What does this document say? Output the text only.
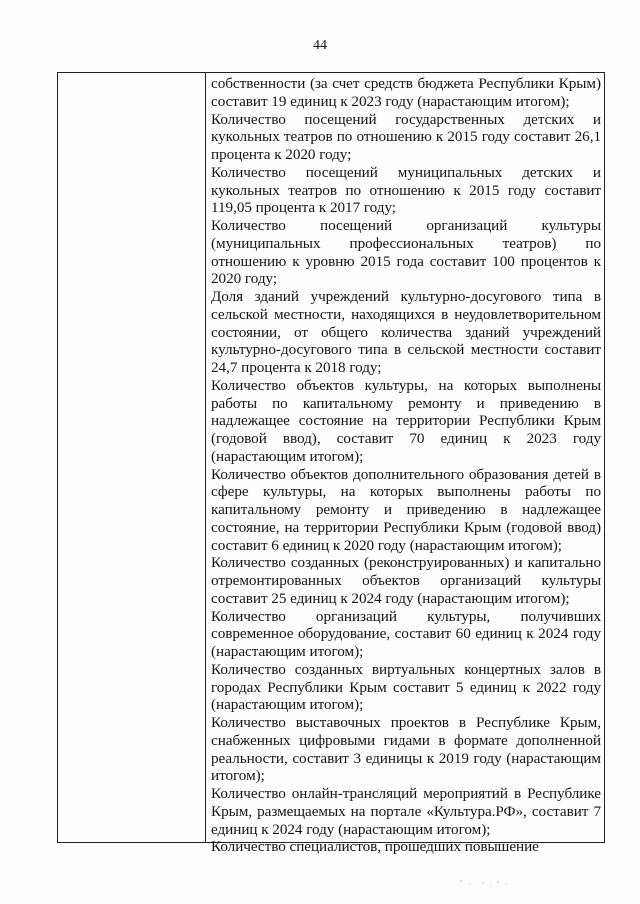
44

собственности (за счет средств бюджета Республики Крым) составит 19 единиц к 2023 году (нарастающим итогом);

Количество посещений государственных детских и кукольных театров по отношению к 2015 году составит 26,1 процента к 2020 году;

Количество посещений муниципальных детских и кукольных театров по отношению к 2015 году составит 119,05 процента к 2017 году;

Количество посещений организаций культуры (муниципальных профессиональных театров) по отношению к уровню 2015 года составит 100 процентов к 2020 году;

Доля зданий учреждений культурно-досугового типа в сельской местности, находящихся в неудовлетворительном состоянии, от общего количества зданий учреждений культурно-досугового типа в сельской местности составит 24,7 процента к 2018 году;

Количество объектов культуры, на которых выполнены работы по капитальному ремонту и приведению в надлежащее состояние на территории Республики Крым (годовой ввод), составит 70 единиц к 2023 году (нарастающим итогом);

Количество объектов дополнительного образования детей в сфере культуры, на которых выполнены работы по капитальному ремонту и приведению в надлежащее состояние, на территории Республики Крым (годовой ввод) составит 6 единиц к 2020 году (нарастающим итогом);

Количество созданных (реконструированных) и капитально отремонтированных объектов организаций культуры составит 25 единиц к 2024 году (нарастающим итогом);

Количество организаций культуры, получивших современное оборудование, составит 60 единиц к 2024 году (нарастающим итогом);

Количество созданных виртуальных концертных залов в городах Республики Крым составит 5 единиц к 2022 году (нарастающим итогом);

Количество выставочных проектов в Республике Крым, снабженных цифровыми гидами в формате дополненной реальности, составит 3 единицы к 2019 году (нарастающим итогом);

Количество онлайн-трансляций мероприятий в Республике Крым, размещаемых на портале «Культура.РФ», составит 7 единиц к 2024 году (нарастающим итогом);

Количество специалистов, прошедших повышение
